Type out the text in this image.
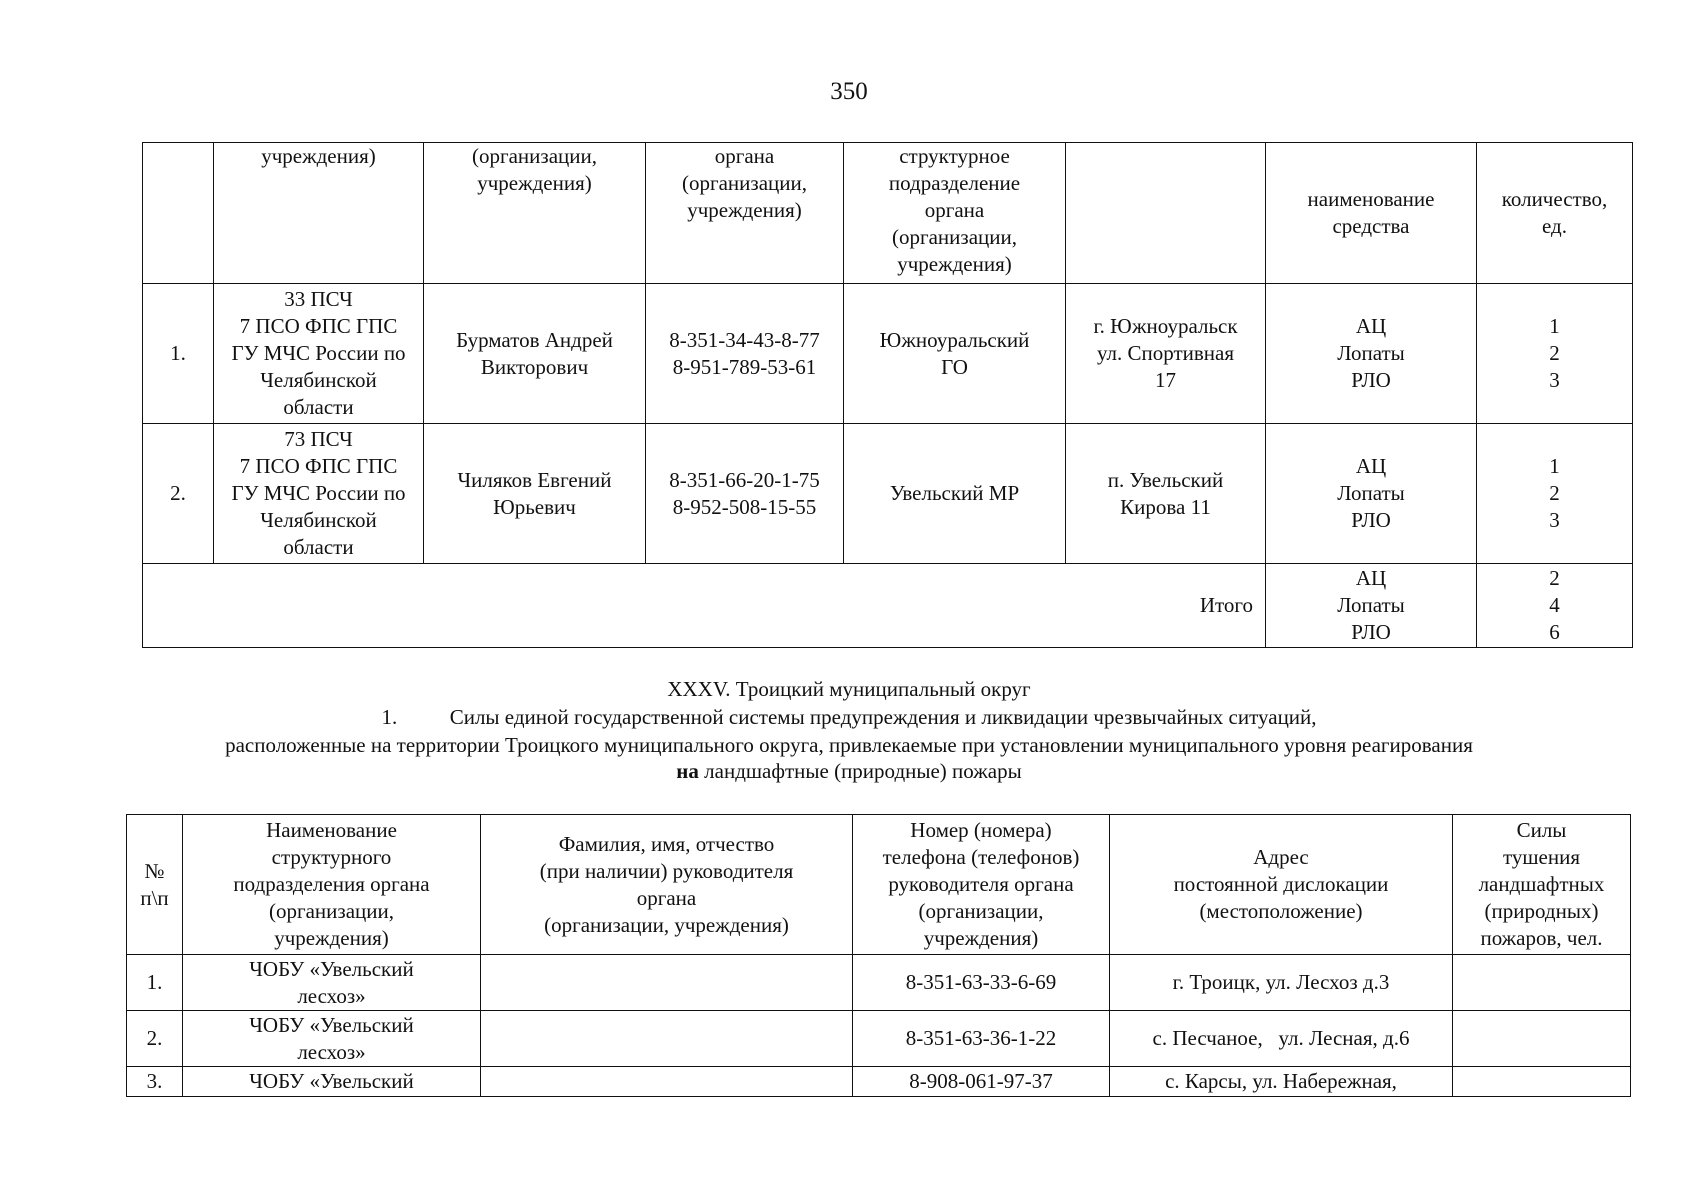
350
	учреждения)	(организации,
учреждения)	органа
(организации,
учреждения)	структурное
подразделение
органа
(организации,
учреждения)		наименование
средства	количество,
ед.
1.	33 ПСЧ
7 ПСО ФПС ГПС
ГУ МЧС России по
Челябинской
области	Бурматов Андрей
Викторович	8-351-34-43-8-77
8-951-789-53-61	Южноуральский
ГО	г. Южноуральск
ул. Спортивная
17	АЦ
Лопаты
РЛО	1
2
3
2.	73 ПСЧ
7 ПСО ФПС ГПС
ГУ МЧС России по
Челябинской
области	Чиляков Евгений
Юрьевич	8-351-66-20-1-75
8-952-508-15-55	Увельский МР	п. Увельский
Кирова 11	АЦ
Лопаты
РЛО	1
2
3
Итого						АЦ
Лопаты
РЛО	2
4
6
XXXV. Троицкий муниципальный округ
1.	Силы единой государственной системы предупреждения и ликвидации чрезвычайных ситуаций,
расположенные на территории Троицкого муниципального округа, привлекаемые при установлении муниципального уровня реагирования
на ландшафтные (природные) пожары
№
п\п	Наименование
структурного
подразделения органа
(организации,
учреждения)	Фамилия, имя, отчество
(при наличии) руководителя
органа
(организации, учреждения)	Номер (номера)
телефона (телефонов)
руководителя органа
(организации,
учреждения)	Адрес
постоянной дислокации
(местоположение)	Силы
тушения
ландшафтных
(природных)
пожаров, чел.
1.	ЧОБУ «Увельский
лесхоз»		8-351-63-33-6-69	г. Троицк, ул. Лесхоз д.3	
2.	ЧОБУ «Увельский
лесхоз»		8-351-63-36-1-22	с. Песчаное,   ул. Лесная, д.6	
3.	ЧОБУ «Увельский		8-908-061-97-37	с. Карсы, ул. Набережная,	
